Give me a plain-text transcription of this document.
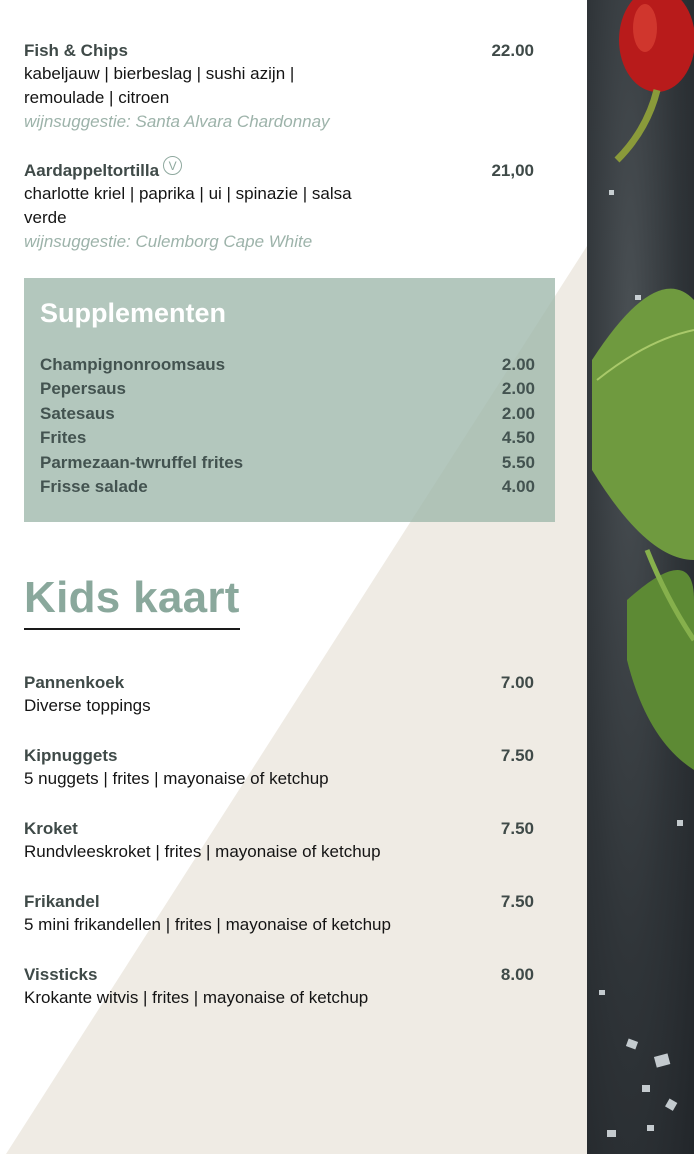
Fish & Chips	22.00
kabeljauw | bierbeslag | sushi azijn | remoulade | citroen
wijnsuggestie: Santa Alvara Chardonnay
Aardappeltortilla V	21,00
charlotte kriel | paprika | ui | spinazie | salsa verde
wijnsuggestie: Culemborg Cape White
Supplementen
Champignonroomsaus	2.00
Pepersaus	2.00
Satesaus	2.00
Frites	4.50
Parmezaan-twruffel frites	5.50
Frisse salade	4.00
Kids kaart
Pannenkoek	7.00
Diverse toppings
Kipnuggets	7.50
5 nuggets | frites | mayonaise of ketchup
Kroket	7.50
Rundvleeskroket | frites | mayonaise of ketchup
Frikandel	7.50
5 mini frikandellen | frites | mayonaise of ketchup
Vissticks	8.00
Krokante witvis | frites | mayonaise of ketchup
